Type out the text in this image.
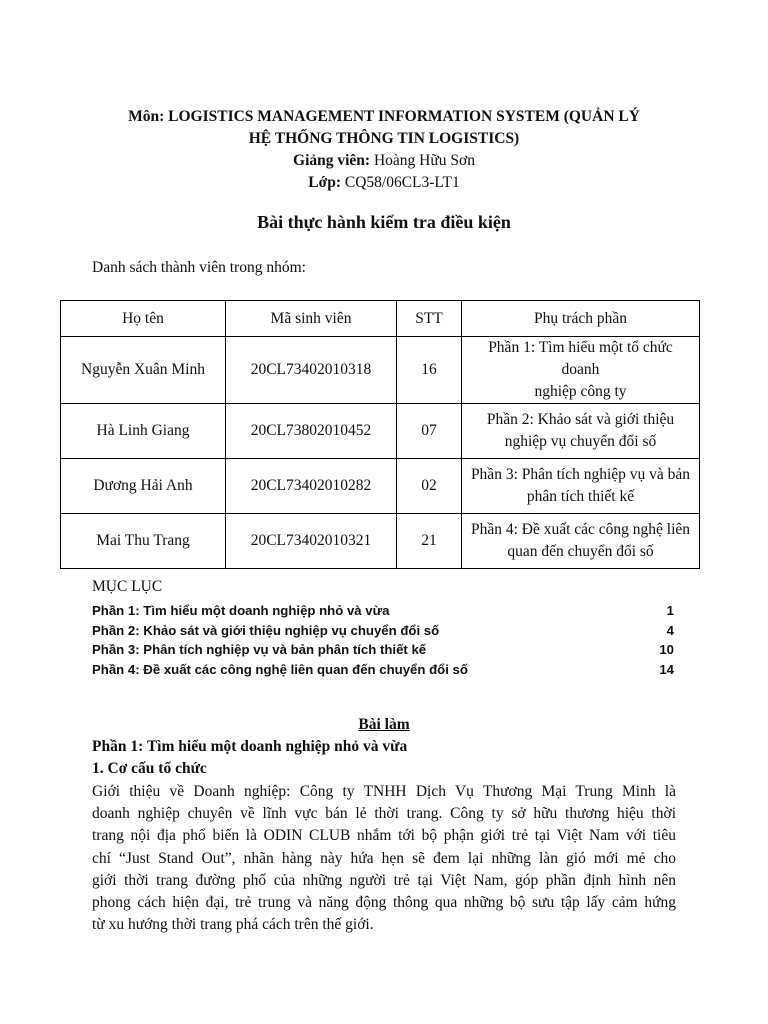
Môn: LOGISTICS MANAGEMENT INFORMATION SYSTEM (QUẢN LÝ
HỆ THỐNG THÔNG TIN LOGISTICS)
Giảng viên: Hoàng Hữu Sơn
Lớp: CQ58/06CL3-LT1
Bài thực hành kiểm tra điều kiện
Danh sách thành viên trong nhóm:
Họ tên	Mã sinh viên	STT	Phụ trách phần
Nguyễn Xuân Minh	20CL73402010318	16	Phần 1: Tìm hiểu một tổ chức doanh
nghiệp công ty
Hà Linh Giang	20CL73802010452	07	Phần 2: Khảo sát và giới thiệu
nghiệp vụ chuyển đổi số
Dương Hải Anh	20CL73402010282	02	Phần 3: Phân tích nghiệp vụ và bản
phân tích thiết kế
Mai Thu Trang	20CL73402010321	21	Phần 4: Đề xuất các công nghệ liên
quan đến chuyển đổi số
MỤC LỤC
Phần 1: Tìm hiểu một doanh nghiệp nhỏ và vừa	1
Phần 2: Khảo sát và giới thiệu nghiệp vụ chuyển đổi số	4
Phần 3: Phân tích nghiệp vụ và bản phân tích thiết kế	10
Phần 4: Đề xuất các công nghệ liên quan đến chuyển đổi số	14
Bài làm
Phần 1: Tìm hiểu một doanh nghiệp nhỏ và vừa
1. Cơ cấu tổ chức
Giới thiệu về Doanh nghiệp: Công ty TNHH Dịch Vụ Thương Mại Trung Minh là
doanh nghiệp chuyên về lĩnh vực bán lẻ thời trang. Công ty sở hữu thương hiệu thời
trang nội địa phổ biến là ODIN CLUB nhắm tới bộ phận giới trẻ tại Việt Nam với tiêu
chí “Just Stand Out”, nhãn hàng này hứa hẹn sẽ đem lại những làn gió mới mẻ cho
giới thời trang đường phố của những người trẻ tại Việt Nam, góp phần định hình nên
phong cách hiện đại, trẻ trung và năng động thông qua những bộ sưu tập lấy cảm hứng
từ xu hướng thời trang phá cách trên thế giới.
